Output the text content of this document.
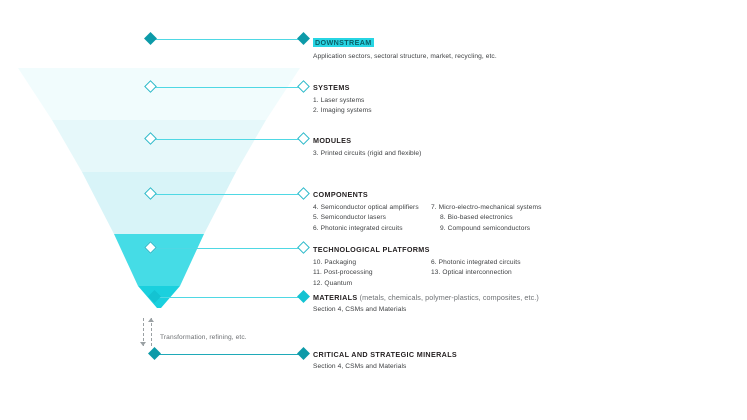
Transformation, refining, etc.
DOWNSTREAM
Application sectors, sectoral structure, market, recycling, etc.
SYSTEMS
1. Laser systems
2. Imaging systems
MODULES
3. Printed circuits (rigid and flexible)
COMPONENTS
4. Semiconductor optical amplifiers
5. Semiconductor lasers
6. Photonic integrated circuits
7. Micro-electro-mechanical systems
8. Bio-based electronics
9. Compound semiconductors
TECHNOLOGICAL PLATFORMS
10. Packaging
11. Post-processing
12. Quantum
6. Photonic integrated circuits
13. Optical interconnection
MATERIALS (metals, chemicals, polymer-plastics, composites, etc.)
Section 4, CSMs and Materials
CRITICAL AND STRATEGIC MINERALS
Section 4, CSMs and Materials
